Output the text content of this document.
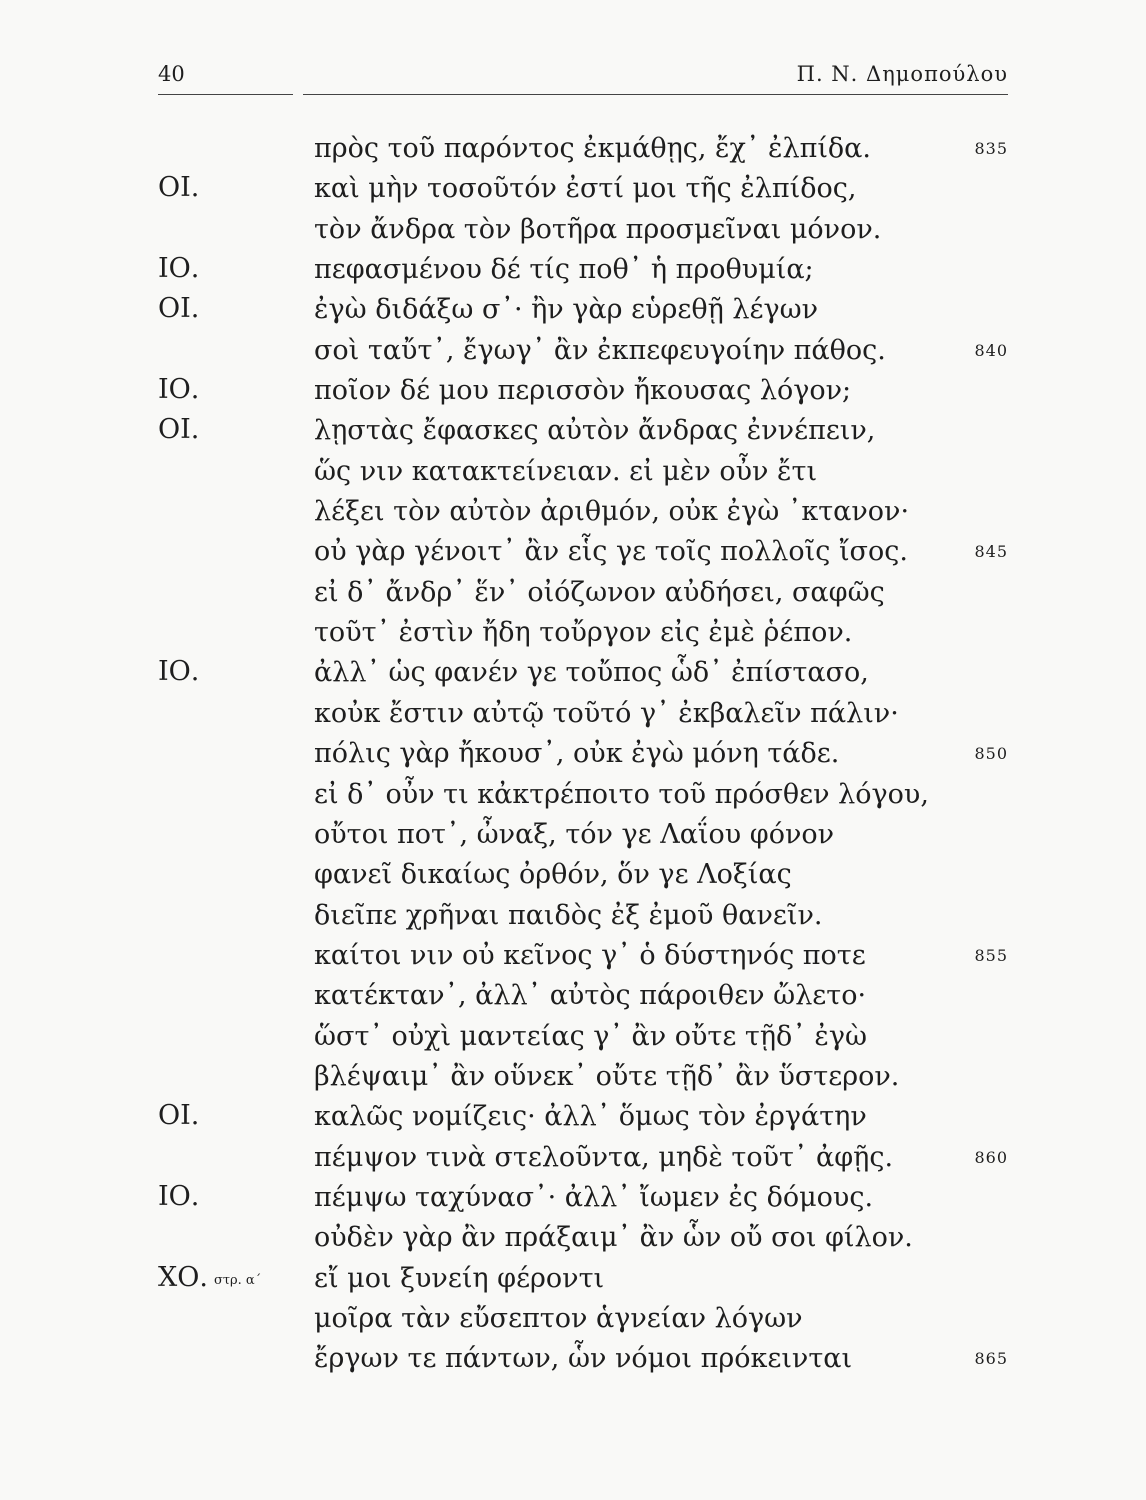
40	Π. Ν. Δημοπούλου
πρὸς τοῦ παρόντος ἐκμάθῃς, ἔχ᾽ ἐλπίδα.	835
ΟΙ.	καὶ μὴν τοσοῦτόν ἐστί μοι τῆς ἐλπίδος,
τὸν ἄνδρα τὸν βοτῆρα προσμεῖναι μόνον.
ΙΟ.	πεφασμένου δέ τίς ποθ᾽ ἡ προθυμία;
ΟΙ.	ἐγὼ διδάξω σ᾽· ἢν γὰρ εὑρεθῇ λέγων
σοὶ ταὔτ᾽, ἔγωγ᾽ ἂν ἐκπεφευγοίην πάθος.	840
ΙΟ.	ποῖον δέ μου περισσὸν ἤκουσας λόγον;
ΟΙ.	λῃστὰς ἔφασκες αὐτὸν ἄνδρας ἐννέπειν,
ὥς νιν κατακτείνειαν. εἰ μὲν οὖν ἔτι
λέξει τὸν αὐτὸν ἀριθμόν, οὐκ ἐγὼ ᾽κτανον·
οὐ γὰρ γένοιτ᾽ ἂν εἷς γε τοῖς πολλοῖς ἴσος.	845
εἰ δ᾽ ἄνδρ᾽ ἕν᾽ οἰόζωνον αὐδήσει, σαφῶς
τοῦτ᾽ ἐστὶν ἤδη τοὔργον εἰς ἐμὲ ῥέπον.
ΙΟ.	ἀλλ᾽ ὡς φανέν γε τοὔπος ὧδ᾽ ἐπίστασο,
κοὐκ ἔστιν αὐτῷ τοῦτό γ᾽ ἐκβαλεῖν πάλιν·
πόλις γὰρ ἤκουσ᾽, οὐκ ἐγὼ μόνη τάδε.	850
εἰ δ᾽ οὖν τι κἀκτρέποιτο τοῦ πρόσθεν λόγου,
οὔτοι ποτ᾽, ὦναξ, τόν γε Λαΐου φόνον
φανεῖ δικαίως ὀρθόν, ὅν γε Λοξίας
διεῖπε χρῆναι παιδὸς ἐξ ἐμοῦ θανεῖν.
καίτοι νιν οὐ κεῖνος γ᾽ ὁ δύστηνός ποτε	855
κατέκταν᾽, ἀλλ᾽ αὐτὸς πάροιθεν ὤλετο·
ὥστ᾽ οὐχὶ μαντείας γ᾽ ἂν οὔτε τῇδ᾽ ἐγὼ
βλέψαιμ᾽ ἂν οὕνεκ᾽ οὔτε τῇδ᾽ ἂν ὕστερον.
ΟΙ.	καλῶς νομίζεις· ἀλλ᾽ ὅμως τὸν ἐργάτην
πέμψον τινὰ στελοῦντα, μηδὲ τοῦτ᾽ ἀφῇς.	860
ΙΟ.	πέμψω ταχύνασ᾽· ἀλλ᾽ ἴωμεν ἐς δόμους.
οὐδὲν γὰρ ἂν πράξαιμ᾽ ἂν ὧν οὔ σοι φίλον.
ΧΟ. στρ. α´ εἴ μοι ξυνείη φέροντι
μοῖρα τὰν εὔσεπτον ἁγνείαν λόγων
ἔργων τε πάντων, ὧν νόμοι πρόκεινται	865
